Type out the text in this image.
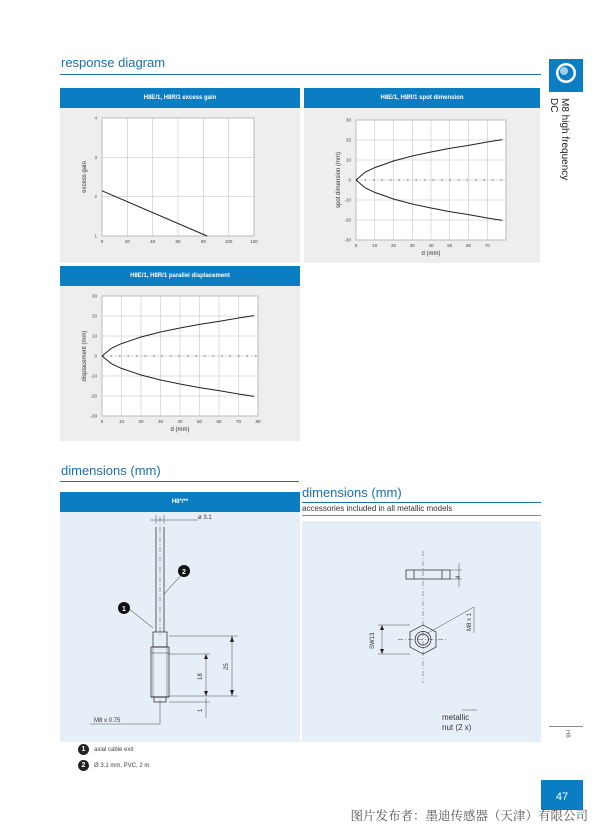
response diagram
M8 high frequency
DC
H8E/1, H8R/1 excess gain
0	20	40	60	80	100	120
1
2
3
4
excess gain
H8E/1, H8R/1 spot dimension
0	10	20	30	40	50	60	70
30
20
10
0
-10
-20
-30
d (mm)
spot dimension (mm)
H8E/1, H8R/1 parallel displacement
0	10	20	30	40	50	60	70	80
30
20
10
0
-10
-20
-30
d (mm)
displacement (mm)
dimensions (mm)
dimensions (mm)
accessories included in all metallic models
H8*/**
ø 3.1
25
18
1
M8 x 0.75
2
1
4
M8 x 1
SW13
metallic
nut (2 x)
1 axial cable exit
2 Ø 3.1 mm, PVC, 2 m
H8
47
图片发布者：墨迪传感器（天津）有限公司
